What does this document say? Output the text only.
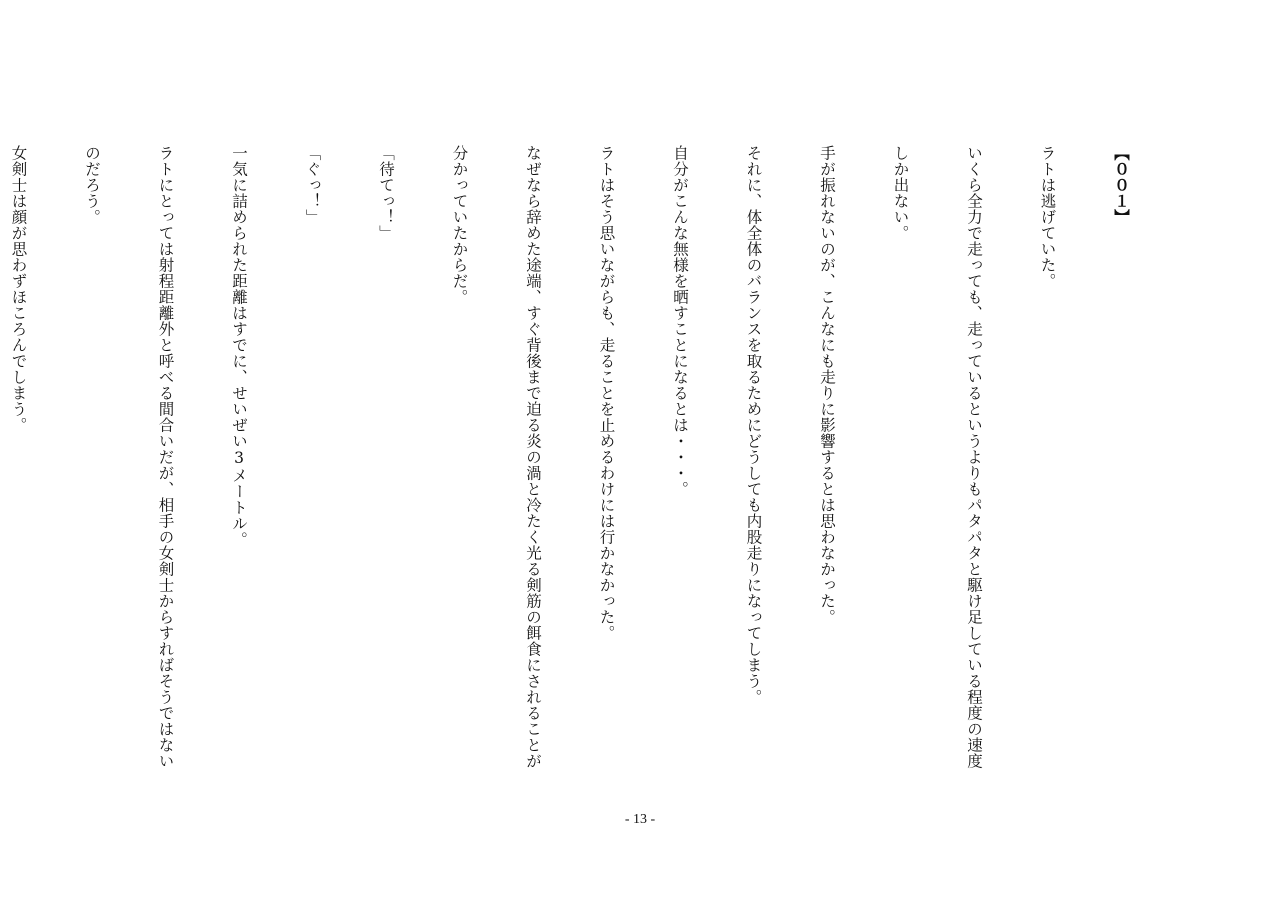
【００１】

ラトは逃げていた。

いくら全力で走っても、走っているというよりもパタパタと駆け足している程度の速度

しか出ない。

手が振れないのが、こんなにも走りに影響するとは思わなかった。

それに、体全体のバランスを取るためにどうしても内股走りになってしまう。

自分がこんな無様を晒すことになるとは・・・。

ラトはそう思いながらも、走ることを止めるわけには行かなかった。

なぜなら辞めた途端、すぐ背後まで迫る炎の渦と冷たく光る剣筋の餌食にされることが

分かっていたからだ。

「待てっ！」

「ぐっ！」

一気に詰められた距離はすでに、せいぜい3メートル。

ラトにとっては射程距離外と呼べる間合いだが、相手の女剣士からすればそうではない

のだろう。

女剣士は顔が思わずほころんでしまう。

- 13 -
